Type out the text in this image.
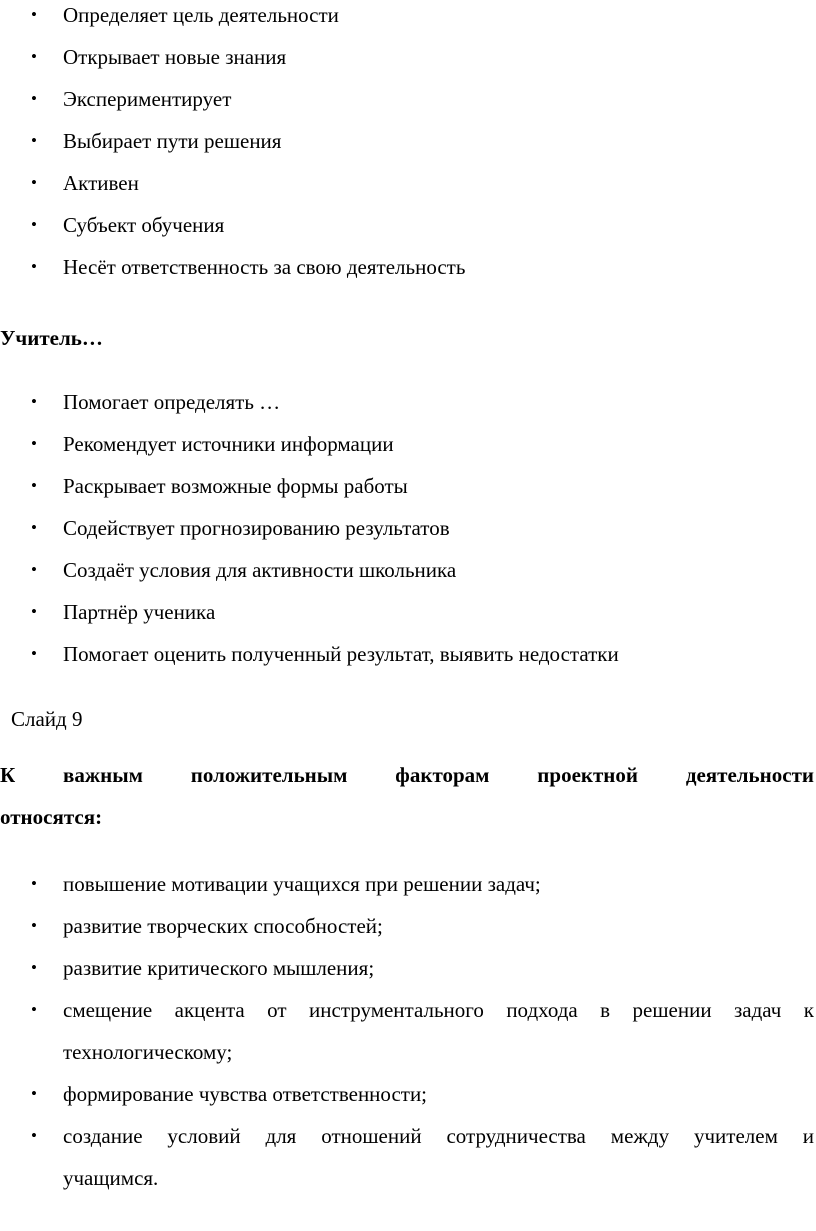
•
Определяет цель деятельности
•
Открывает новые знания
•
Экспериментирует
•
Выбирает пути решения
•
Активен
•
Субъект обучения
•
Несёт ответственность за свою деятельность
Учитель…
•
Помогает определять …
•
Рекомендует источники информации
•
Раскрывает возможные формы работы
•
Содействует прогнозированию результатов
•
Создаёт условия для активности школьника
•
Партнёр ученика
•
Помогает оценить полученный результат, выявить недостатки
Слайд 9
К важным положительным факторам проектной деятельности
относятся:
•
повышение мотивации учащихся при решении задач;
•
развитие творческих способностей;
•
развитие критического мышления;
•
смещение акцента от инструментального подхода в решении задач к
технологическому;
•
формирование чувства ответственности;
•
создание условий для отношений сотрудничества между учителем и
учащимся.
